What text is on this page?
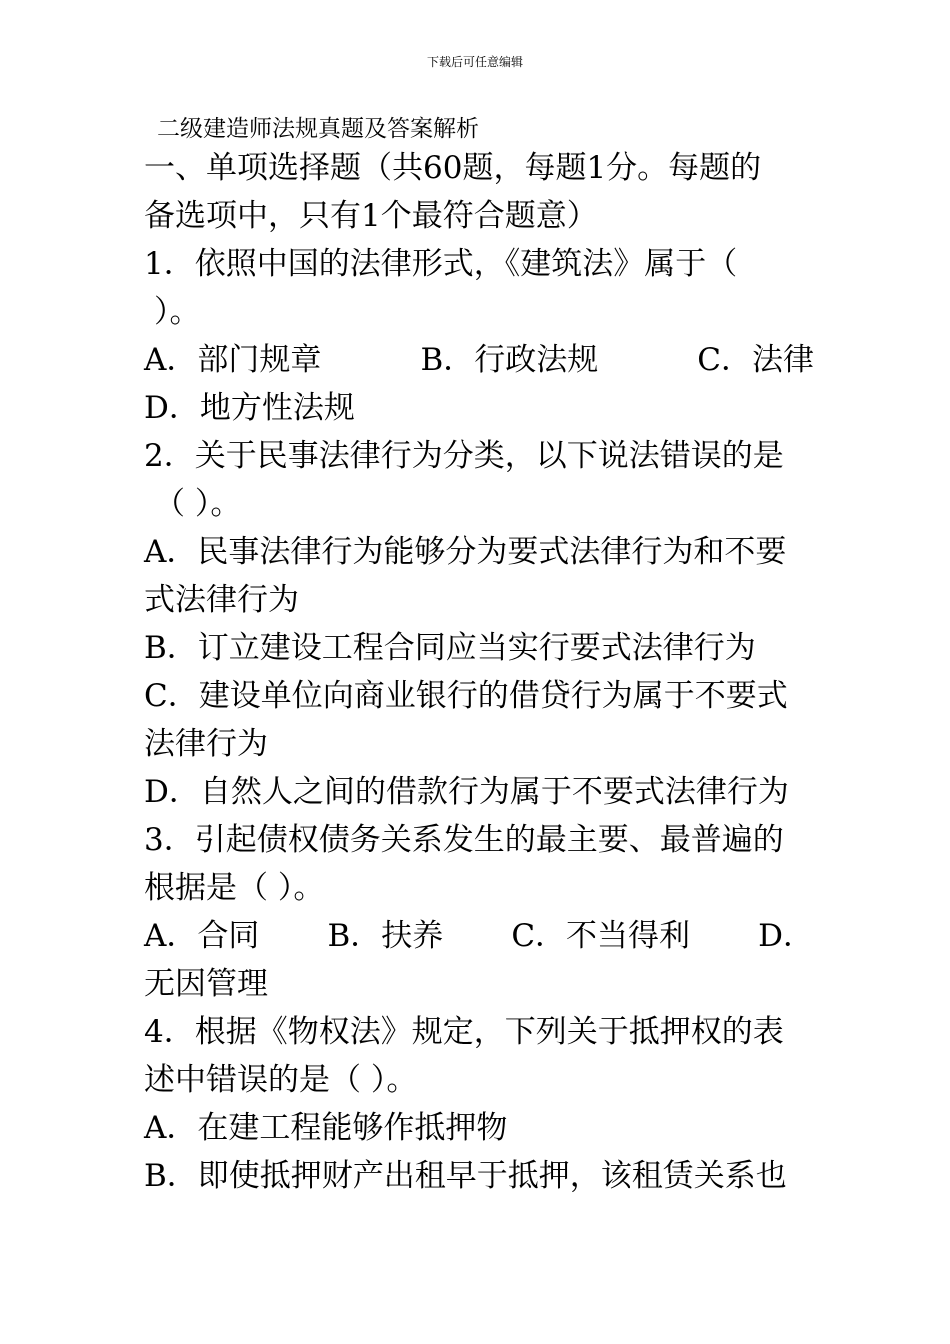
下载后可任意编辑
二级建造师法规真题及答案解析
一、单项选择题（共60题，每题1分。每题的
备选项中，只有1个最符合题意）
1．依照中国的法律形式，《建筑法》属于（
）。
A．部门规章	B．行政法规	C．法律
D．地方性法规
2．关于民事法律行为分类，以下说法错误的是
（ ）。
A．民事法律行为能够分为要式法律行为和不要
式法律行为
B．订立建设工程合同应当实行要式法律行为
C．建设单位向商业银行的借贷行为属于不要式
法律行为
D．自然人之间的借款行为属于不要式法律行为
3．引起债权债务关系发生的最主要、最普遍的
根据是（ ）。
A．合同 B．扶养 C．不当得利 D．
无因管理
4．根据《物权法》规定，下列关于抵押权的表
述中错误的是（ ）。
A．在建工程能够作抵押物
B．即使抵押财产出租早于抵押，该租赁关系也
